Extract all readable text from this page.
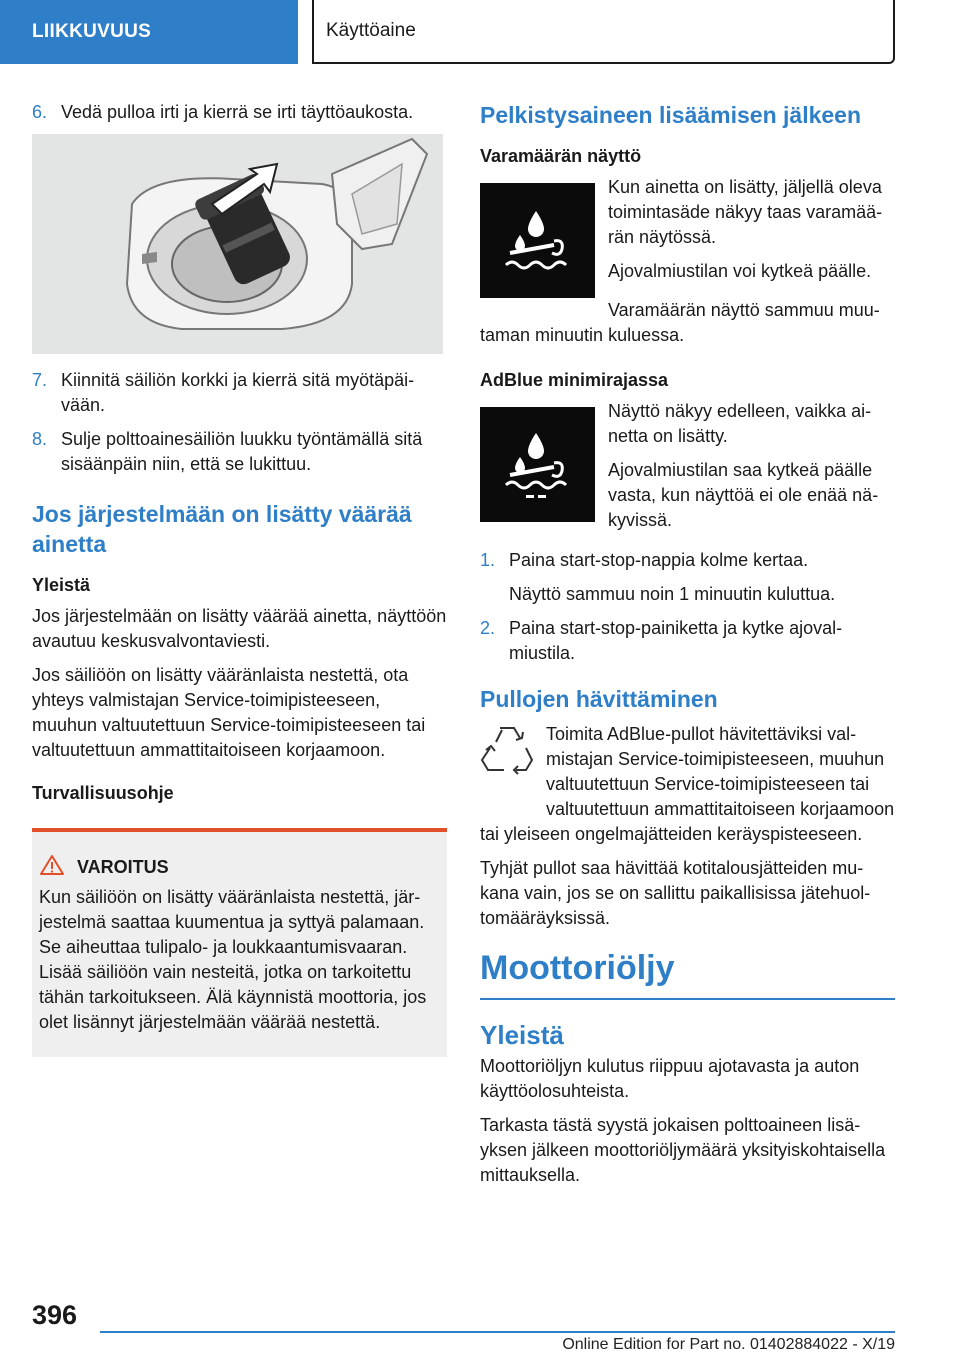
LIIKKUVUUS	Käyttöaine
6. Vedä pulloa irti ja kierrä se irti täyttöaukosta.
7. Kiinnitä säiliön korkki ja kierrä sitä myötäpäivään.
8. Sulje polttoainesäiliön luukku työntämällä sitä sisäänpäin niin, että se lukittuu.
Jos järjestelmään on lisätty väärää ainetta
Yleistä

Jos järjestelmään on lisätty väärää ainetta, näyttöön avautuu keskusvalvontaviesti.

Jos säiliöön on lisätty vääränlaista nestettä, ota yhteys valmistajan Service-toimipisteeseen, muuhun valtuutettuun Service-toimipisteeseen tai valtuutettuun ammattitaitoiseen korjaamoon.

Turvallisuusohje
VAROITUS

Kun säiliöön on lisätty vääränlaista nestettä, järjestelmä saattaa kuumentua ja syttyä palamaan. Se aiheuttaa tulipalo- ja loukkaantumisvaaran. Lisää säiliöön vain nesteitä, jotka on tarkoitettu tähän tarkoitukseen. Älä käynnistä moottoria, jos olet lisännyt järjestelmään väärää nestettä.

Pelkistysaineen lisäämisen jälkeen
Varamäärän näyttö

Kun ainetta on lisätty, jäljellä oleva toimintasäde näkyy taas varamäärän näytössä.

Ajovalmiustilan voi kytkeä päälle.

Varamäärän näyttö sammuu muutaman minuutin kuluessa.

AdBlue minimirajassa

Näyttö näkyy edelleen, vaikka ainetta on lisätty.

Ajovalmiustilan saa kytkeä päälle vasta, kun näyttöä ei ole enää näkyvissä.

1. Paina start-stop-nappia kolme kertaa.

Näyttö sammuu noin 1 minuutin kuluttua.

2. Paina start-stop-painiketta ja kytke ajovalmiustila.
Pullojen hävittäminen

Toimita AdBlue-pullot hävitettäviksi valmistajan Service-toimipisteeseen, muuhun valtuutettuun Service-toimipisteeseen tai valtuutettuun ammattitaitoiseen korjaamoon tai yleiseen ongelmajätteiden keräyspisteeseen.

Tyhjät pullot saa hävittää kotitalousjätteiden mukana vain, jos se on sallittu paikallisissa jätehuoltomääräyksissä.

Moottoriöljy
Yleistä

Moottoriöljyn kulutus riippuu ajotavasta ja auton käyttöolosuhteista.

Tarkasta tästä syystä jokaisen polttoaineen lisäyksen jälkeen moottoriöljymäärä yksityiskohtaisella mittauksella.

396
Online Edition for Part no. 01402884022 - X/19
